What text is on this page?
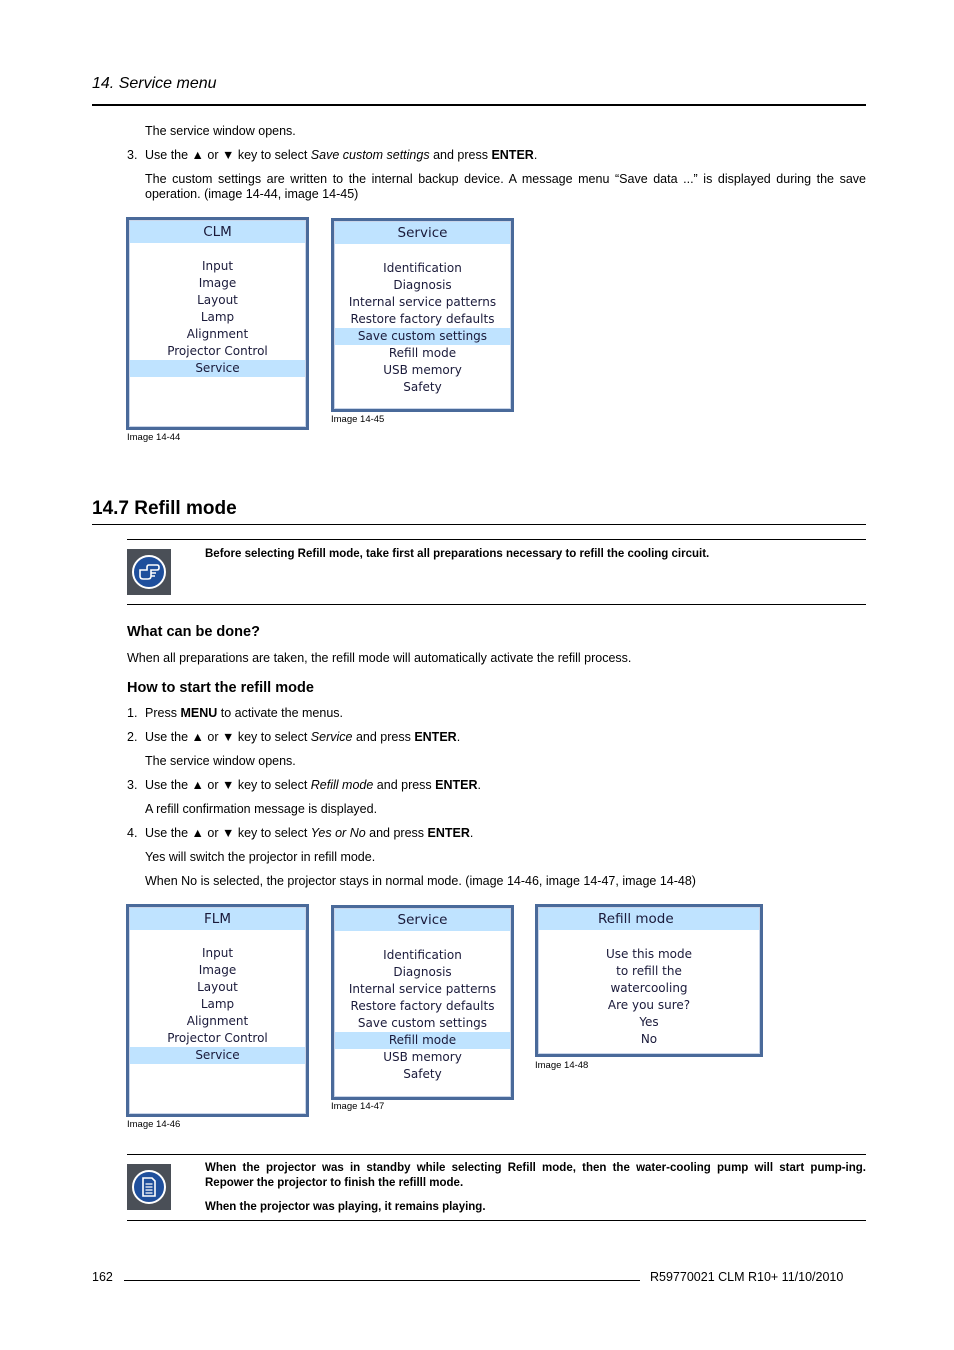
14. Service menu
The service window opens.
3. Use the ▲ or ▼ key to select Save custom settings and press ENTER.
The custom settings are written to the internal backup device. A message menu “Save data ...” is displayed during the save operation. (image 14-44, image 14-45)
CLM
Input
Image
Layout
Lamp
Alignment
Projector Control
Service
Image 14-44
Service
Identification
Diagnosis
Internal service patterns
Restore factory defaults
Save custom settings
Refill mode
USB memory
Safety
Image 14-45
14.7 Refill mode
Before selecting Refill mode, take first all preparations necessary to refill the cooling circuit.
What can be done?
When all preparations are taken, the refill mode will automatically activate the refill process.
How to start the refill mode
1. Press MENU to activate the menus.
2. Use the ▲ or ▼ key to select Service and press ENTER.
The service window opens.
3. Use the ▲ or ▼ key to select Refill mode and press ENTER.
A refill confirmation message is displayed.
4. Use the ▲ or ▼ key to select Yes or No and press ENTER.
Yes will switch the projector in refill mode.
When No is selected, the projector stays in normal mode. (image 14-46, image 14-47, image 14-48)
FLM
Input
Image
Layout
Lamp
Alignment
Projector Control
Service
Image 14-46
Service
Identification
Diagnosis
Internal service patterns
Restore factory defaults
Save custom settings
Refill mode
USB memory
Safety
Image 14-47
Refill mode
Use this mode
to refill the
watercooling
Are you sure?
Yes
No
Image 14-48
When the projector was in standby while selecting Refill mode, then the water-cooling pump will start pump-ing. Repower the projector to finish the refilll mode.
When the projector was playing, it remains playing.
162	R59770021 CLM R10+ 11/10/2010
